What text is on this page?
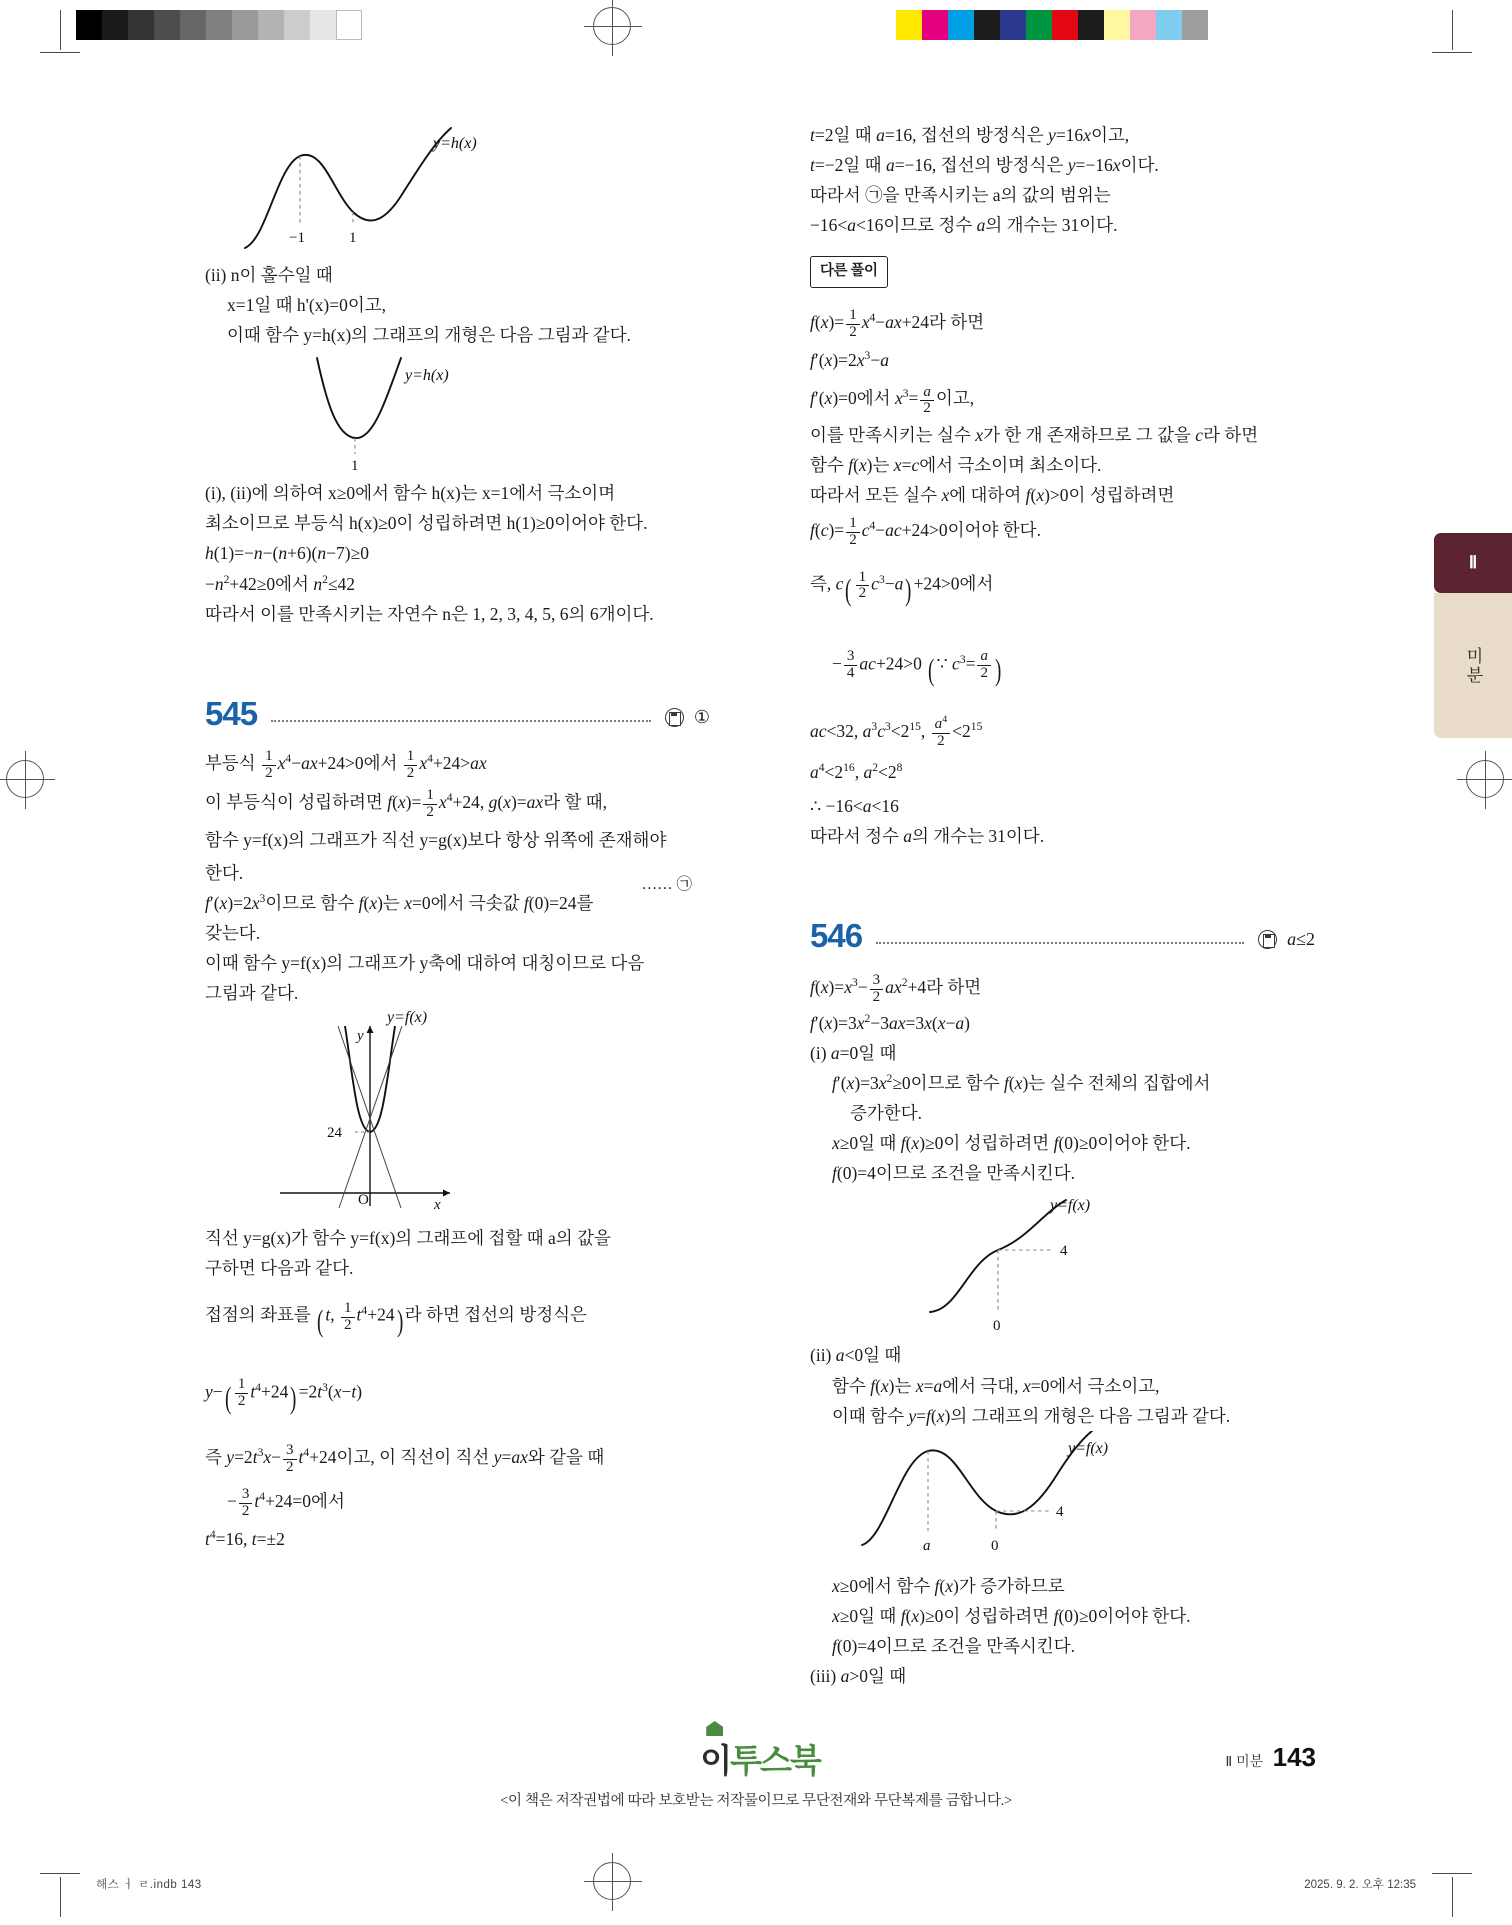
Ⅱ
미분
−1	1
y=h(x)
(ii) n이 홀수일 때
x=1일 때 h'(x)=0이고,
이때 함수 y=h(x)의 그래프의 개형은 다음 그림과 같다.
1
y=h(x)
(i), (ii)에 의하여 x≥0에서 함수 h(x)는 x=1에서 극소이며
최소이므로 부등식 h(x)≥0이 성립하려면 h(1)≥0이어야 한다.
h(1)=−n−(n+6)(n−7)≥0
$-n^2+42\ge 0$에서 $n^2\le 42$
따라서 이를 만족시키는 자연수 n은 1, 2, 3, 4, 5, 6의 6개이다.
545	①
부등식 $\frac{1}{2} x^4-ax+24>0$에서 $\frac{1}{2} x^4+24>ax$
이 부등식이 성립하려면 $f(x)= \frac{1}{2} x^4+24$, g(x)=ax라 할 때,
함수 y=f(x)의 그래프가 직선 y=g(x)보다 항상 위쪽에 존재해야
한다.
…… ㉠
$f'(x)=2x^3$이므로 함수 f(x)는 x=0에서 극솟값 f(0)=24를
갖는다.
이때 함수 y=f(x)의 그래프가 y축에 대하여 대칭이므로 다음
그림과 같다.
24
O
y
x
y=f(x)
직선 y=g(x)가 함수 y=f(x)의 그래프에 접할 때 a의 값을
구하면 다음과 같다.
접점의 좌표를 ( t, $\frac{1}{2} t^4+24$) 라 하면 접선의 방정식은
$y-( \frac{1}{2} t^4+24) =2t^3(x-t)$
즉 $y=2t^3x- \frac{3}{2} t^4+24$이고, 이 직선이 직선 y=ax와 같을 때
− $\frac{3}{2} t^4+24=0$에서
$t^4=16$, t=±2
t=2일 때 a=16, 접선의 방정식은 y=16x이고,
t=−2일 때 a=−16, 접선의 방정식은 y=−16x이다.
따라서 ㉠을 만족시키는 a의 값의 범위는
−16<a<16이므로 정수 a의 개수는 31이다.
다른 풀이
$f(x)= \frac{1}{2} x^4-ax+24$라 하면
$f'(x)=2x^3-a$
f′(x)=0에서 $x^3= \frac{a}{2}$ 이고,
이를 만족시키는 실수 x가 한 개 존재하므로 그 값을 c라 하면
함수 f(x)는 x=c에서 극소이며 최소이다.
따라서 모든 실수 x에 대하여 f(x)>0이 성립하려면
$f(c)= \frac{1}{2} c^4-ac+24>0$이어야 한다.
즉, $c( \frac{1}{2} c^3-a) +24>0$에서
− $\frac{3}{4} ac+24>0$ ( ∵ $c^3= \frac{a}{2}$ )
ac<32, $a^3c^3<2^{15}$, $\frac{a^4}{2} <2^{15}$
$a^4<2^{16}$, $a^2<2^8$
∴ −16<a<16
따라서 정수 a의 개수는 31이다.
546	a≤2
$f(x)=x^3- \frac{3}{2} ax^2+4$라 하면
$f'(x)=3x^2-3ax=3x(x-a)$
(i) a=0일 때
$f'(x)=3x^2\ge 0$이므로 함수 f(x)는 실수 전체의 집합에서
증가한다.
x≥0일 때 f(x)≥0이 성립하려면 f(0)≥0이어야 한다.
f(0)=4이므로 조건을 만족시킨다.
4
0
y=f(x)
(ii) a<0일 때
함수 f(x)는 x=a에서 극대, x=0에서 극소이고,
이때 함수 y=f(x)의 그래프의 개형은 다음 그림과 같다.
4
a	0
y=f(x)
x≥0에서 함수 f(x)가 증가하므로
x≥0일 때 f(x)≥0이 성립하려면 f(0)≥0이어야 한다.
f(0)=4이므로 조건을 만족시킨다.
(iii) a>0일 때
이투스북	Ⅱ 미분 143
<이 책은 저작권법에 따라 보호받는 저작물이므로 무단전재와 무단복제를 금합니다.>
해스 ㅓ ㄹ.indb 143	2025. 9. 2. 오후 12:35
